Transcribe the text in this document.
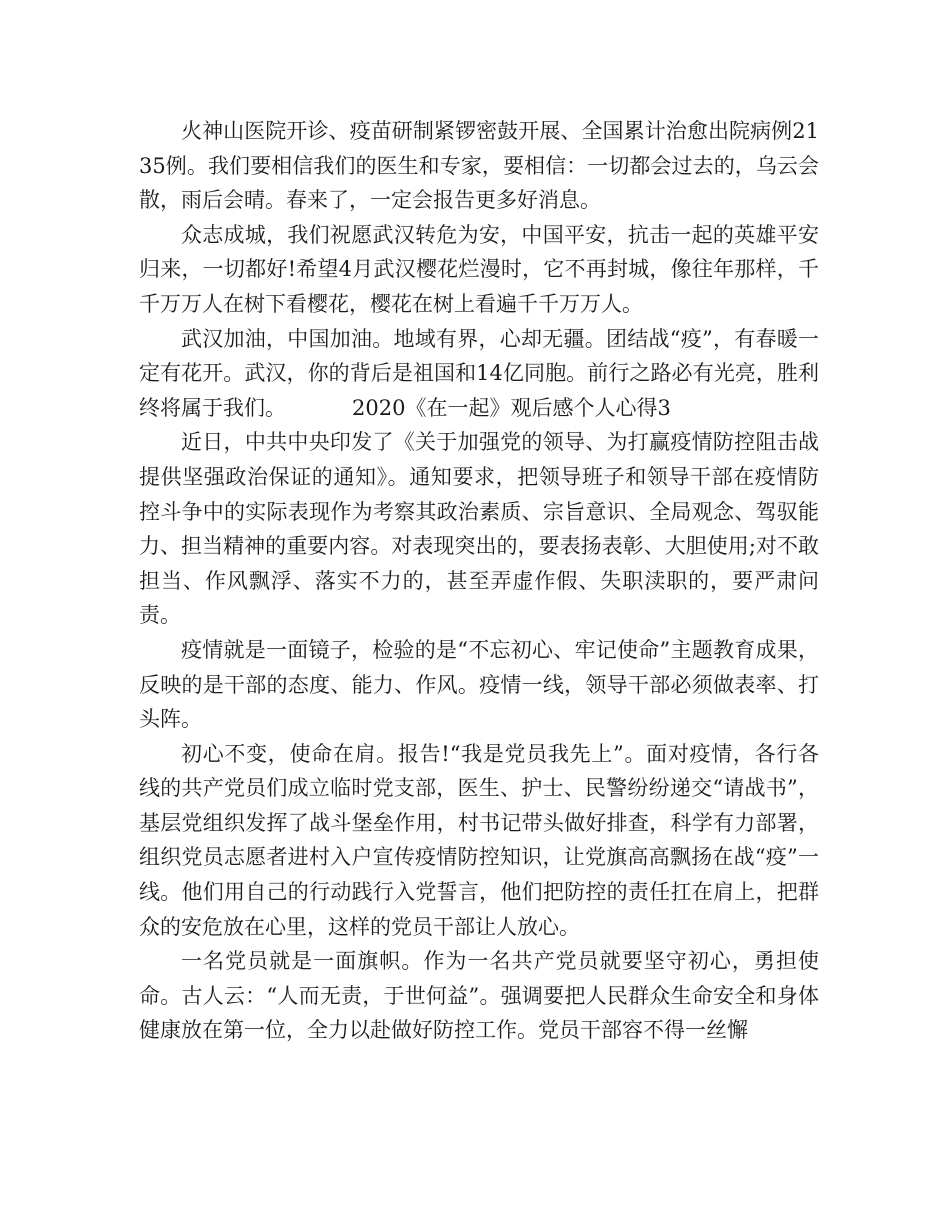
火神山医院开诊、疫苗研制紧锣密鼓开展、全国累计治愈出院病例2135例。我们要相信我们的医生和专家，要相信：一切都会过去的，乌云会散，雨后会晴。春来了，一定会报告更多好消息。

众志成城，我们祝愿武汉转危为安，中国平安，抗击一起的英雄平安归来，一切都好!希望4月武汉樱花烂漫时，它不再封城，像往年那样，千千万万人在树下看樱花，樱花在树上看遍千千万万人。

武汉加油，中国加油。地域有界，心却无疆。团结战“疫”，有春暖一定有花开。武汉，你的背后是祖国和14亿同胞。前行之路必有光亮，胜利终将属于我们。	2020《在一起》观后感个人心得3

近日，中共中央印发了《关于加强党的领导、为打赢疫情防控阻击战提供坚强政治保证的通知》。通知要求，把领导班子和领导干部在疫情防控斗争中的实际表现作为考察其政治素质、宗旨意识、全局观念、驾驭能力、担当精神的重要内容。对表现突出的，要表扬表彰、大胆使用;对不敢担当、作风飘浮、落实不力的，甚至弄虚作假、失职渎职的，要严肃问责。

疫情就是一面镜子，检验的是“不忘初心、牢记使命”主题教育成果，反映的是干部的态度、能力、作风。疫情一线，领导干部必须做表率、打头阵。

初心不变，使命在肩。报告!“我是党员我先上”。面对疫情，各行各线的共产党员们成立临时党支部，医生、护士、民警纷纷递交“请战书”，基层党组织发挥了战斗堡垒作用，村书记带头做好排查，科学有力部署，组织党员志愿者进村入户宣传疫情防控知识，让党旗高高飘扬在战“疫”一线。他们用自己的行动践行入党誓言，他们把防控的责任扛在肩上，把群众的安危放在心里，这样的党员干部让人放心。

一名党员就是一面旗帜。作为一名共产党员就要坚守初心，勇担使命。古人云：“人而无责，于世何益”。强调要把人民群众生命安全和身体健康放在第一位，全力以赴做好防控工作。党员干部容不得一丝懈
